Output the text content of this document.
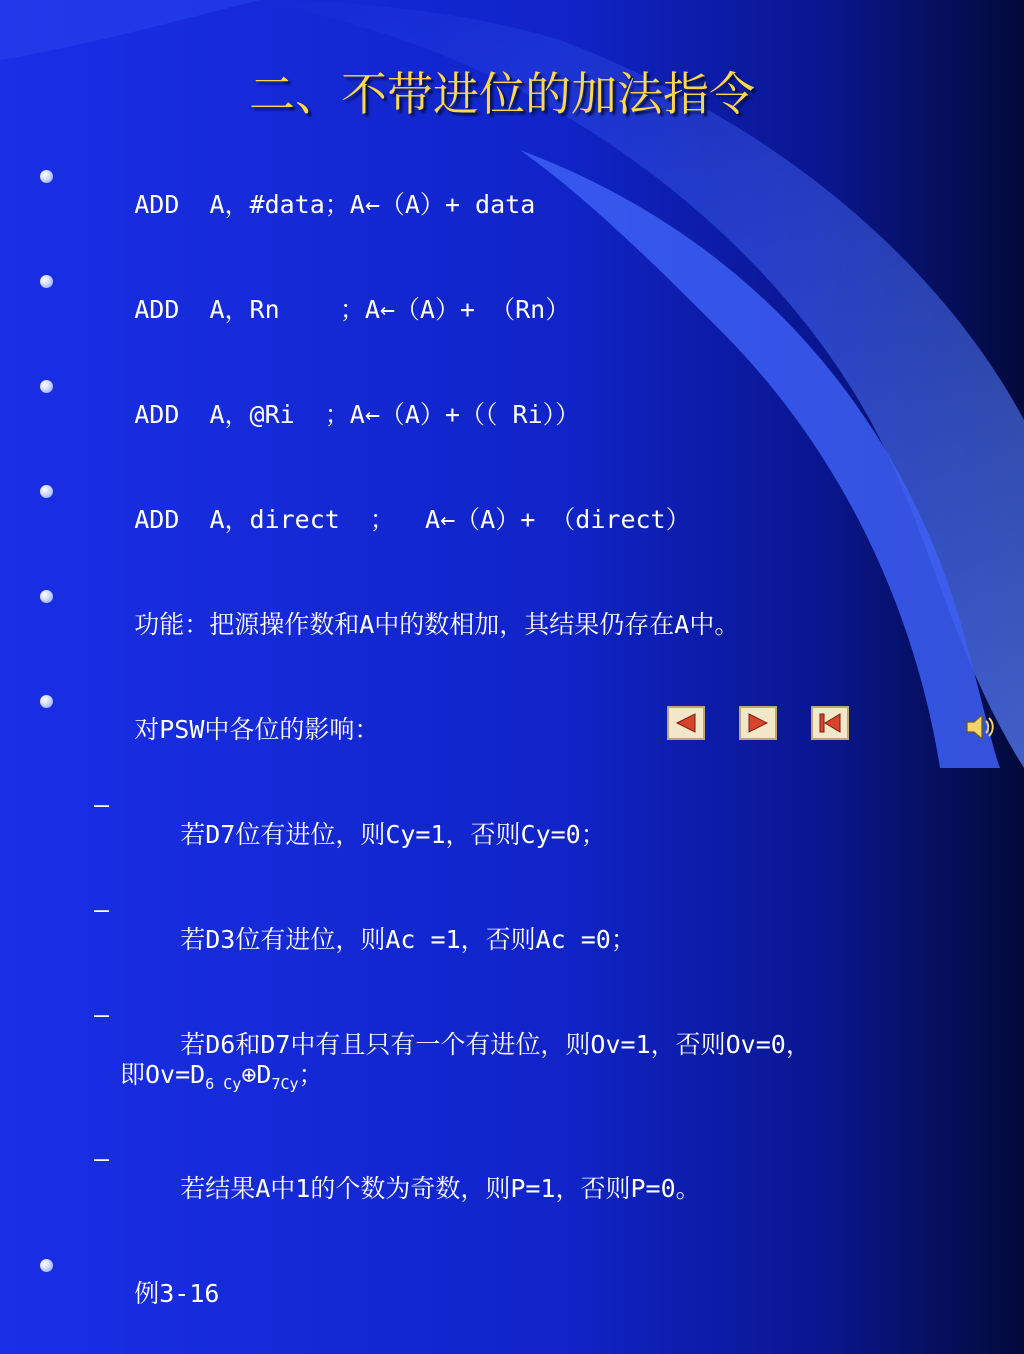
二、不带进位的加法指令

ADD  A，#data；A←（A）+ data

ADD  A，Rn    ；A←（A）+ （Rn）

ADD  A，@Ri  ；A←（A）+（（ Ri））

ADD  A，direct  ；  A←（A）+ （direct）

功能：把源操作数和A中的数相加，其结果仍存在A中。

对PSW中各位的影响：

–
若D7位有进位，则Cy=1，否则Cy=0；

–
若D3位有进位，则Ac =1，否则Ac =0；

–
若D6和D7中有且只有一个有进位，则Ov=1，否则Ov=0，
即$Ov=D_{6 Cy}\oplus D_{7Cy}$；

–
若结果A中1的个数为奇数，则P=1，否则P=0。

例3-16
